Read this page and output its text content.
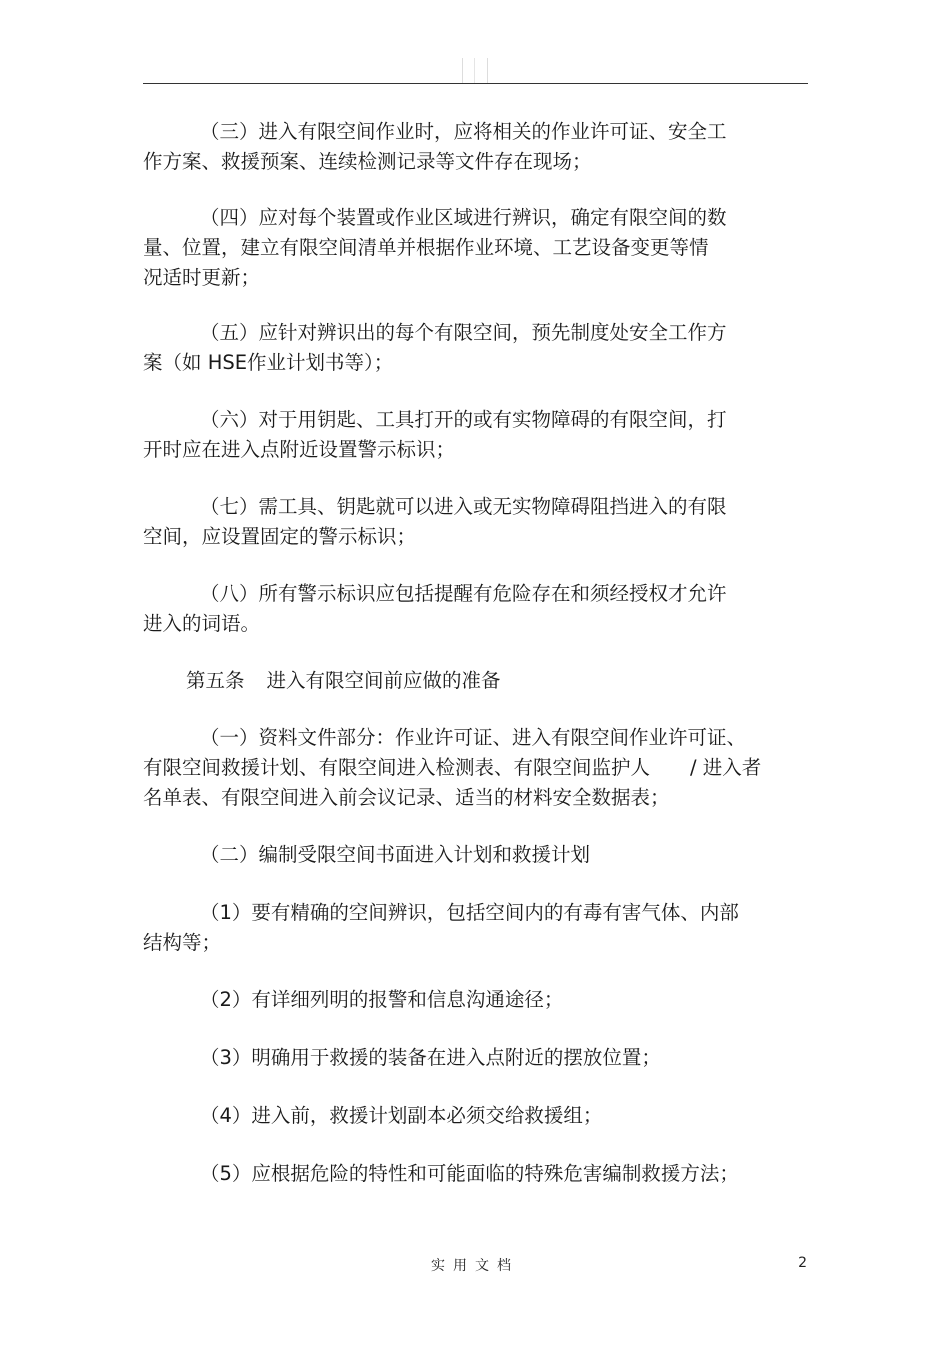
（三）进入有限空间作业时，应将相关的作业许可证、安全工
作方案、救援预案、连续检测记录等文件存在现场；

（四）应对每个装置或作业区域进行辨识，确定有限空间的数
量、位置，建立有限空间清单并根据作业环境、工艺设备变更等情
况适时更新；

（五）应针对辨识出的每个有限空间，预先制度处安全工作方
案（如 HSE作业计划书等）；

（六）对于用钥匙、工具打开的或有实物障碍的有限空间，打
开时应在进入点附近设置警示标识；

（七）需工具、钥匙就可以进入或无实物障碍阻挡进入的有限
空间，应设置固定的警示标识；

（八）所有警示标识应包括提醒有危险存在和须经授权才允许
进入的词语。

第五条 进入有限空间前应做的准备

（一）资料文件部分：作业许可证、进入有限空间作业许可证、
有限空间救援计划、有限空间进入检测表、有限空间监护人 / 进入者
名单表、有限空间进入前会议记录、适当的材料安全数据表；

（二）编制受限空间书面进入计划和救援计划

（1）要有精确的空间辨识，包括空间内的有毒有害气体、内部
结构等；

（2）有详细列明的报警和信息沟通途径；

（3）明确用于救援的装备在进入点附近的摆放位置；

（4）进入前，救援计划副本必须交给救援组；

（5）应根据危险的特性和可能面临的特殊危害编制救援方法；

实用文档	2
